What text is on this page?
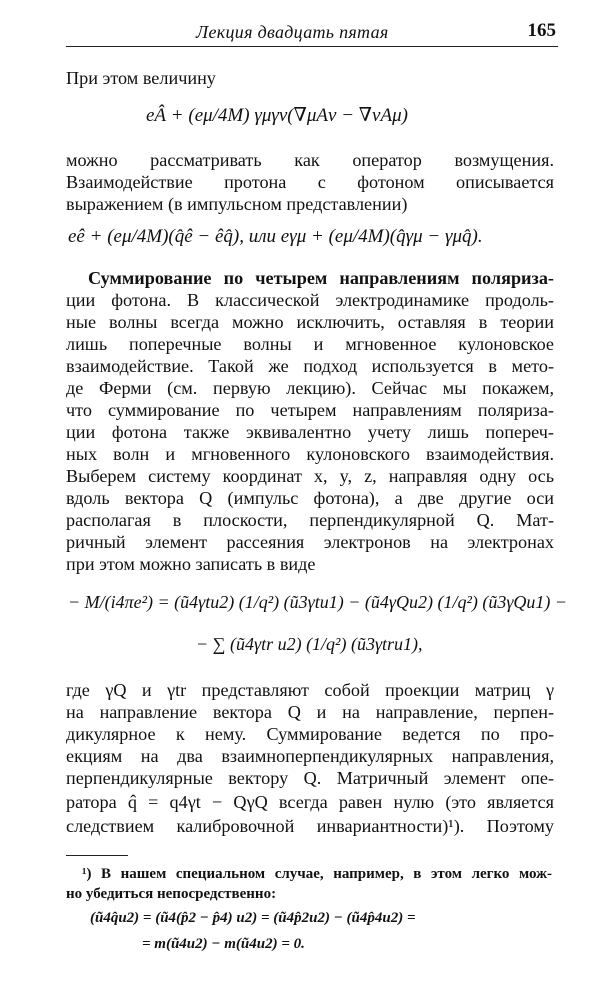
Лекция двадцать пятая	165
При этом величину
eÂ + (eμ/4M) γμγν(∇μAν − ∇νAμ)
можно рассматривать как оператор возмущения.
Взаимодействие протона с фотоном описывается
выражением (в импульсном представлении)
eê + (eμ/4M)(q̂ê − êq̂), или eγμ + (eμ/4M)(q̂γμ − γμq̂).
Суммирование по четырем направлениям поляриза-
ции фотона. В классической электродинамике продоль-
ные волны всегда можно исключить, оставляя в теории
лишь поперечные волны и мгновенное кулоновское
взаимодействие. Такой же подход используется в мето-
де Ферми (см. первую лекцию). Сейчас мы покажем,
что суммирование по четырем направлениям поляриза-
ции фотона также эквивалентно учету лишь попереч-
ных волн и мгновенного кулоновского взаимодействия.
Выберем систему координат x, y, z, направляя одну ось
вдоль вектора Q (импульс фотона), а две другие оси
располагая в плоскости, перпендикулярной Q. Мат-
ричный элемент рассеяния электронов на электронах
при этом можно записать в виде
− M/(i4πe²) = (ũ4γtu2) (1/q²) (ũ3γtu1) − (ũ4γQu2) (1/q²) (ũ3γQu1) −
− ∑ (ũ4γtr u2) (1/q²) (ũ3γtru1),
где γQ и γtr представляют собой проекции матриц γ
на направление вектора Q и на направление, перпен-
дикулярное к нему. Суммирование ведется по про-
екциям на два взаимноперпендикулярных направления,
перпендикулярные вектору Q. Матричный элемент опе-
ратора q̂ = q4γt − QγQ всегда равен нулю (это является
следствием калибровочной инвариантности)¹). Поэтому
¹) В нашем специальном случае, например, в этом легко мож-
но убедиться непосредственно:
(ũ4q̂u2) = (ũ4(p̂2 − p̂4) u2) = (ũ4p̂2u2) − (ũ4p̂4u2) =
= m(ũ4u2) − m(ũ4u2) = 0.
